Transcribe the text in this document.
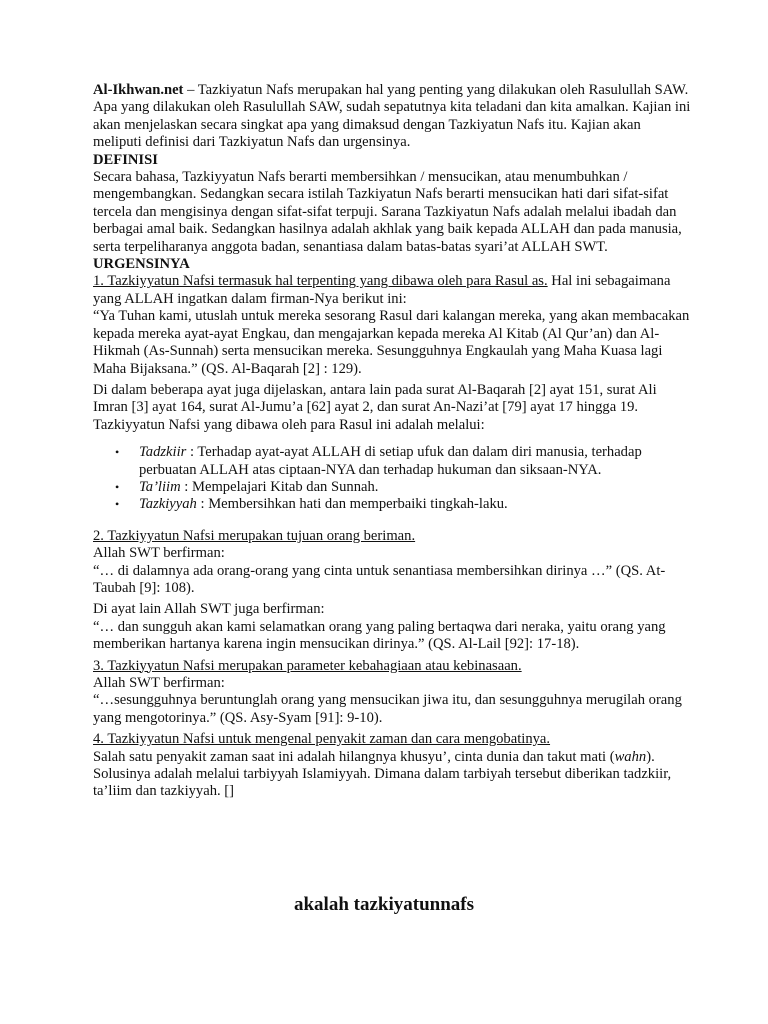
Al-Ikhwan.net – Tazkiyatun Nafs merupakan hal yang penting yang dilakukan oleh Rasulullah SAW. Apa yang dilakukan oleh Rasulullah SAW, sudah sepatutnya kita teladani dan kita amalkan. Kajian ini akan menjelaskan secara singkat apa yang dimaksud dengan Tazkiyatun Nafs itu. Kajian akan meliputi definisi dari Tazkiyatun Nafs dan urgensinya.

DEFINISI

Secara bahasa, Tazkiyyatun Nafs berarti membersihkan / mensucikan, atau menumbuhkan / mengembangkan. Sedangkan secara istilah Tazkiyatun Nafs berarti mensucikan hati dari sifat-sifat tercela dan mengisinya dengan sifat-sifat terpuji. Sarana Tazkiyatun Nafs adalah melalui ibadah dan berbagai amal baik. Sedangkan hasilnya adalah akhlak yang baik kepada ALLAH dan pada manusia, serta terpeliharanya anggota badan, senantiasa dalam batas-batas syari’at ALLAH SWT.

URGENSINYA

1. Tazkiyyatun Nafsi termasuk hal terpenting yang dibawa oleh para Rasul as. Hal ini sebagaimana yang ALLAH ingatkan dalam firman-Nya berikut ini:

“Ya Tuhan kami, utuslah untuk mereka sesorang Rasul dari kalangan mereka, yang akan membacakan kepada mereka ayat-ayat Engkau, dan mengajarkan kepada mereka Al Kitab (Al Qur’an) dan Al-Hikmah (As-Sunnah) serta mensucikan mereka. Sesungguhnya Engkaulah yang Maha Kuasa lagi Maha Bijaksana.” (QS. Al-Baqarah [2] : 129).

Di dalam beberapa ayat juga dijelaskan, antara lain pada surat Al-Baqarah [2] ayat 151, surat Ali Imran [3] ayat 164, surat Al-Jumu’a [62] ayat 2, dan surat An-Nazi’at [79] ayat 17 hingga 19.

Tazkiyyatun Nafsi yang dibawa oleh para Rasul ini adalah melalui:

• Tadzkiir : Terhadap ayat-ayat ALLAH di setiap ufuk dan dalam diri manusia, terhadap perbuatan ALLAH atas ciptaan-NYA dan terhadap hukuman dan siksaan-NYA.
• Ta’liim : Mempelajari Kitab dan Sunnah.
• Tazkiyyah : Membersihkan hati dan memperbaiki tingkah-laku.

2. Tazkiyyatun Nafsi merupakan tujuan orang beriman.

Allah SWT berfirman:

“… di dalamnya ada orang-orang yang cinta untuk senantiasa membersihkan dirinya …” (QS. At-Taubah [9]: 108).

Di ayat lain Allah SWT juga berfirman:

“… dan sungguh akan kami selamatkan orang yang paling bertaqwa dari neraka, yaitu orang yang memberikan hartanya karena ingin mensucikan dirinya.” (QS. Al-Lail [92]: 17-18).

3. Tazkiyyatun Nafsi merupakan parameter kebahagiaan atau kebinasaan.

Allah SWT berfirman:

“…sesungguhnya beruntunglah orang yang mensucikan jiwa itu, dan sesungguhnya merugilah orang yang mengotorinya.” (QS. Asy-Syam [91]: 9-10).

4. Tazkiyyatun Nafsi untuk mengenal penyakit zaman dan cara mengobatinya.

Salah satu penyakit zaman saat ini adalah hilangnya khusyu’, cinta dunia dan takut mati (wahn). Solusinya adalah melalui tarbiyyah Islamiyyah. Dimana dalam tarbiyah tersebut diberikan tadzkiir, ta’liim dan tazkiyyah. []

akalah tazkiyatunnafs
